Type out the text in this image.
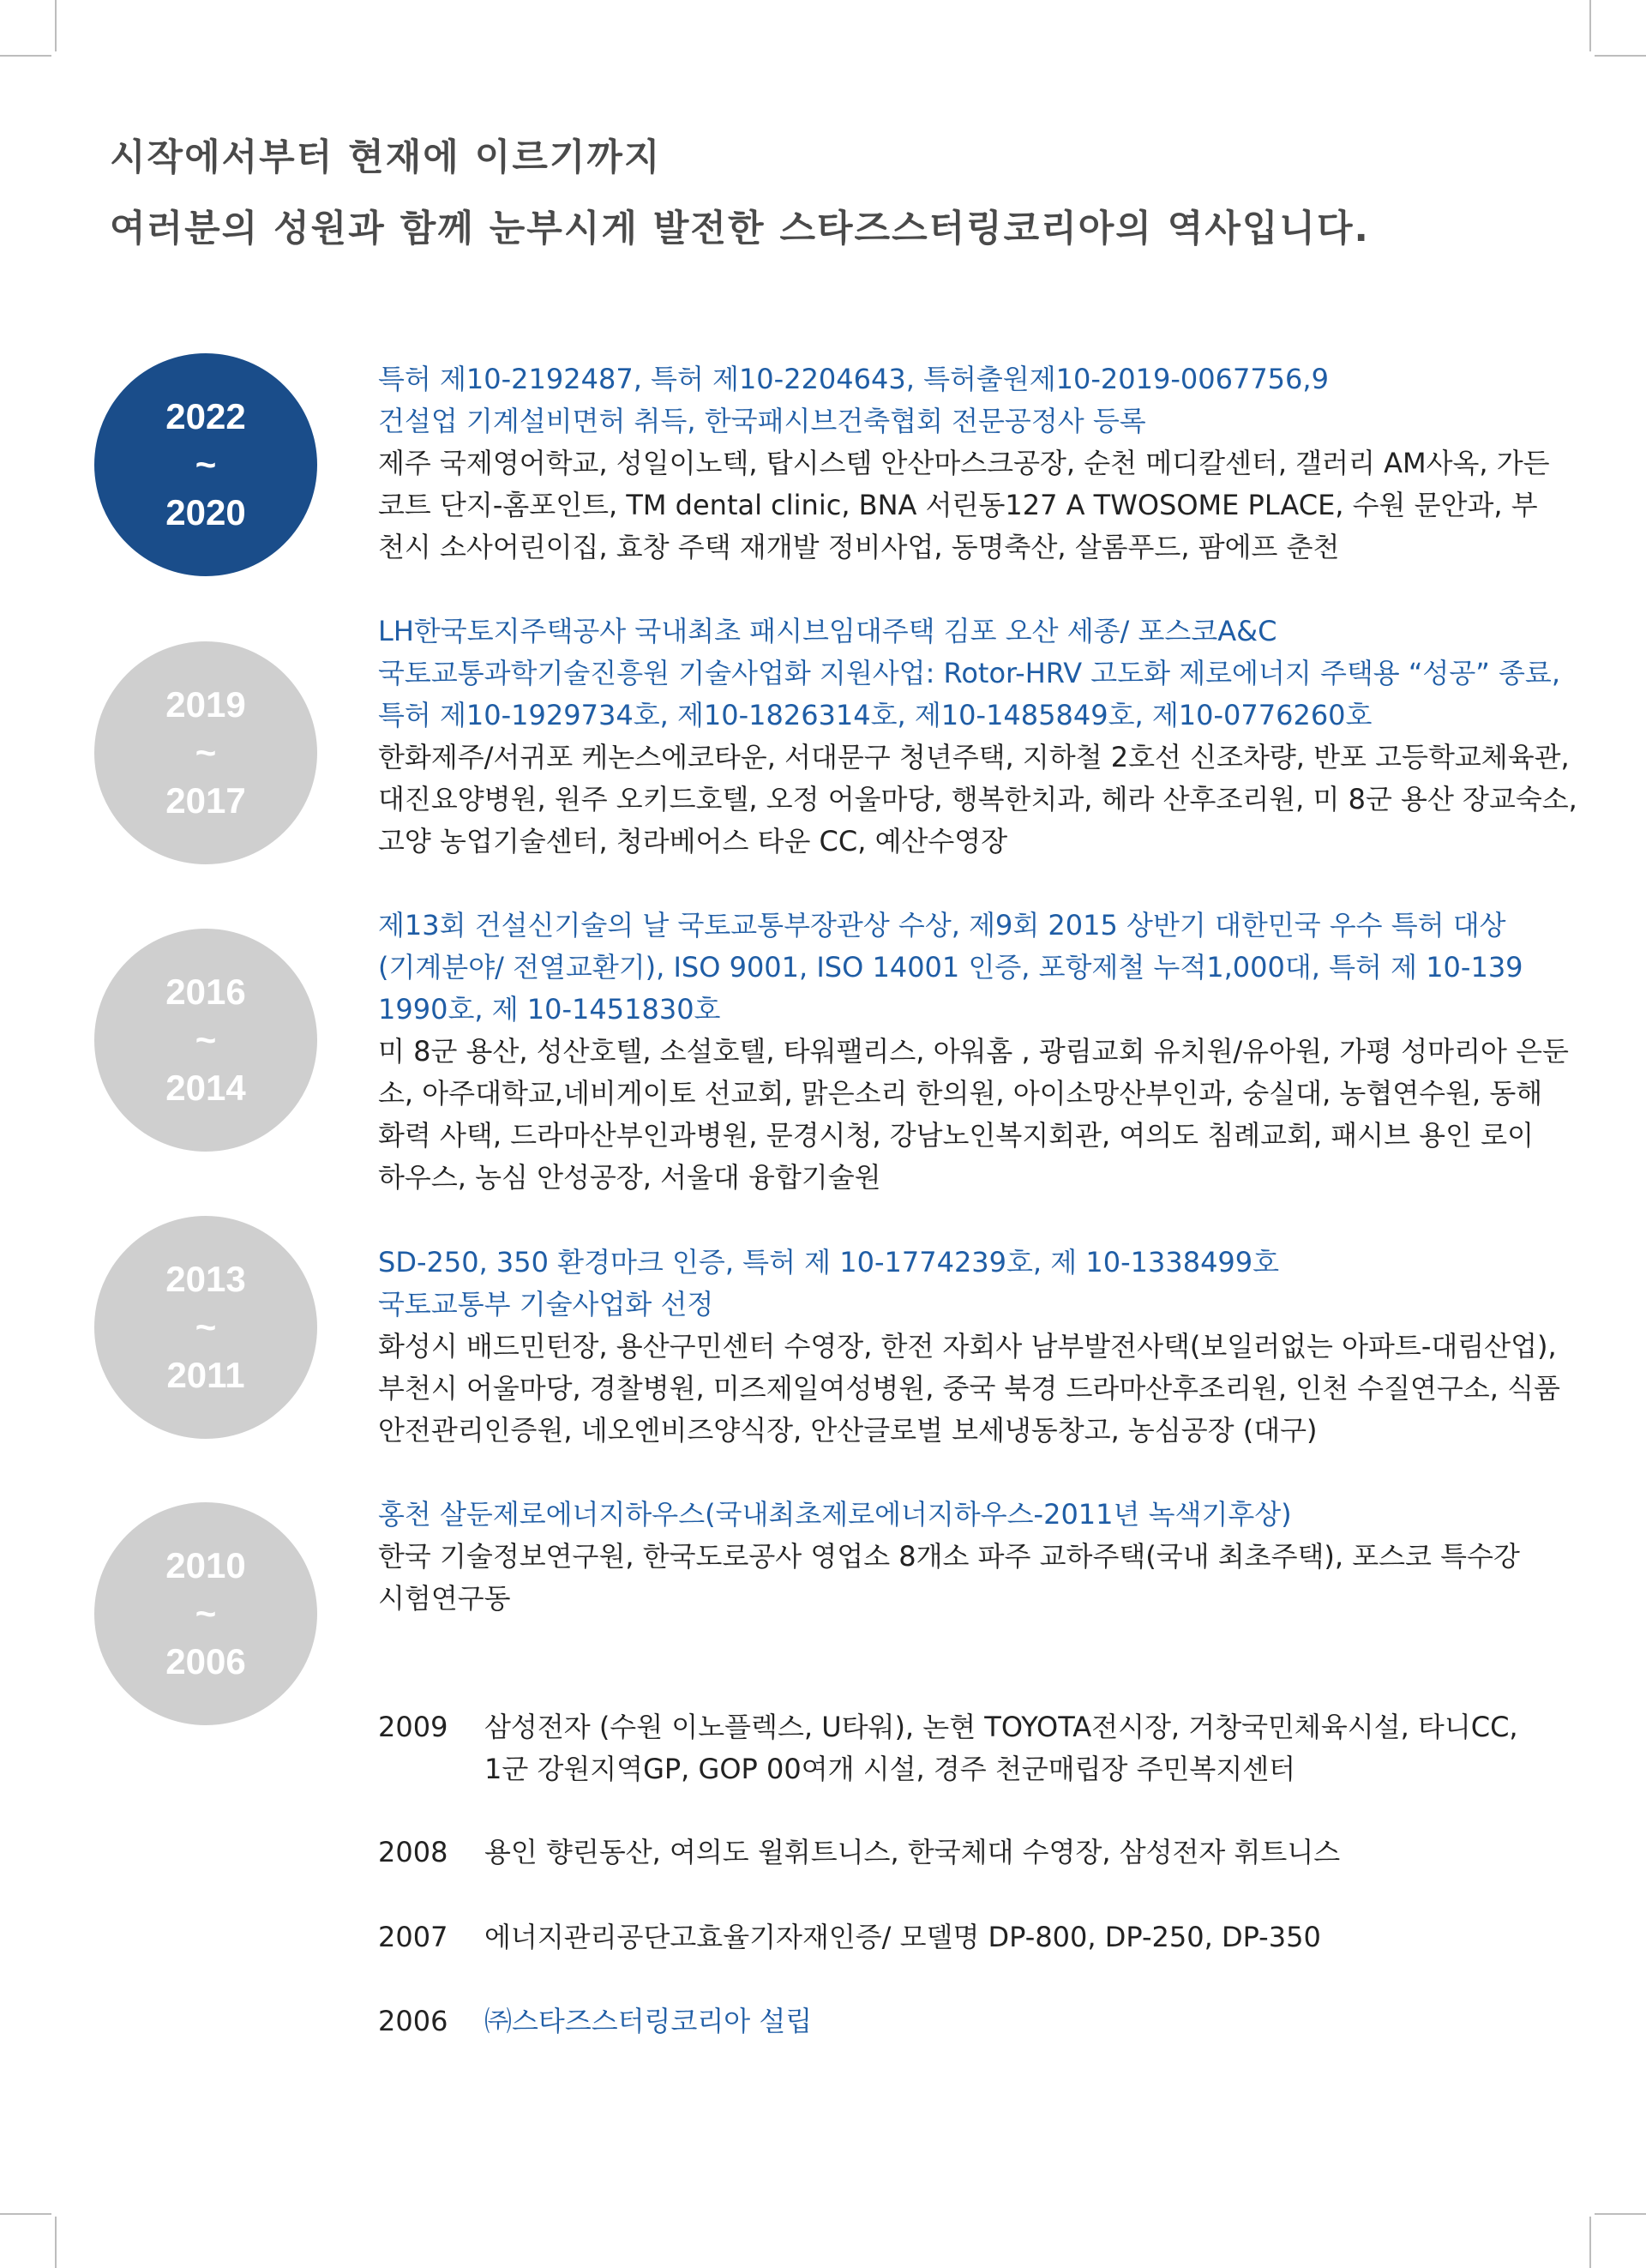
시작에서부터 현재에 이르기까지
여러분의 성원과 함께 눈부시게 발전한 스타즈스터링코리아의 역사입니다.
2022
~
2020
특허 제10-2192487, 특허 제10-2204643, 특허출원제10-2019-0067756,9
건설업 기계설비면허 취득, 한국패시브건축협회 전문공정사 등록
제주 국제영어학교, 성일이노텍, 탑시스템 안산마스크공장, 순천 메디칼센터, 갤러리 AM사옥, 가든
코트 단지-홈포인트, TM dental clinic, BNA 서린동127 A TWOSOME PLACE, 수원 문안과, 부
천시 소사어린이집, 효창 주택 재개발 정비사업, 동명축산, 살롬푸드, 팜에프 춘천
2019
~
2017
LH한국토지주택공사 국내최초 패시브임대주택 김포 오산 세종/ 포스코A&C
국토교통과학기술진흥원 기술사업화 지원사업: Rotor-HRV 고도화 제로에너지 주택용 “성공” 종료,
특허 제10-1929734호, 제10-1826314호, 제10-1485849호, 제10-0776260호
한화제주/서귀포 케논스에코타운, 서대문구 청년주택, 지하철 2호선 신조차량, 반포 고등학교체육관,
대진요양병원, 원주 오키드호텔, 오정 어울마당, 행복한치과, 헤라 산후조리원, 미 8군 용산 장교숙소,
고양 농업기술센터, 청라베어스 타운 CC, 예산수영장
2016
~
2014
제13회 건설신기술의 날 국토교통부장관상 수상, 제9회 2015 상반기 대한민국 우수 특허 대상
(기계분야/ 전열교환기), ISO 9001, ISO 14001 인증, 포항제철 누적1,000대, 특허 제 10-139
1990호, 제 10-1451830호
미 8군 용산, 성산호텔, 소설호텔, 타워팰리스, 아워홈 , 광림교회 유치원/유아원, 가평 성마리아 은둔
소, 아주대학교,네비게이토 선교회, 맑은소리 한의원, 아이소망산부인과, 숭실대, 농협연수원, 동해
화력 사택, 드라마산부인과병원, 문경시청, 강남노인복지회관, 여의도 침례교회, 패시브 용인 로이
하우스, 농심 안성공장, 서울대 융합기술원
2013
~
2011
SD-250, 350 환경마크 인증, 특허 제 10-1774239호, 제 10-1338499호
국토교통부 기술사업화 선정
화성시 배드민턴장, 용산구민센터 수영장, 한전 자회사 남부발전사택(보일러없는 아파트-대림산업),
부천시 어울마당, 경찰병원, 미즈제일여성병원, 중국 북경 드라마산후조리원, 인천 수질연구소, 식품
안전관리인증원, 네오엔비즈양식장, 안산글로벌 보세냉동창고, 농심공장 (대구)
2010
~
2006
홍천 살둔제로에너지하우스(국내최초제로에너지하우스-2011년 녹색기후상)
한국 기술정보연구원, 한국도로공사 영업소 8개소 파주 교하주택(국내 최초주택), 포스코 특수강
시험연구동
2009 삼성전자 (수원 이노플렉스, U타워), 논현 TOYOTA전시장, 거창국민체육시설, 타니CC,
1군 강원지역GP, GOP 00여개 시설, 경주 천군매립장 주민복지센터
2008 용인 향린동산, 여의도 윌휘트니스, 한국체대 수영장, 삼성전자 휘트니스
2007 에너지관리공단고효율기자재인증/ 모델명 DP-800, DP-250, DP-350
2006 ㈜스타즈스터링코리아 설립
